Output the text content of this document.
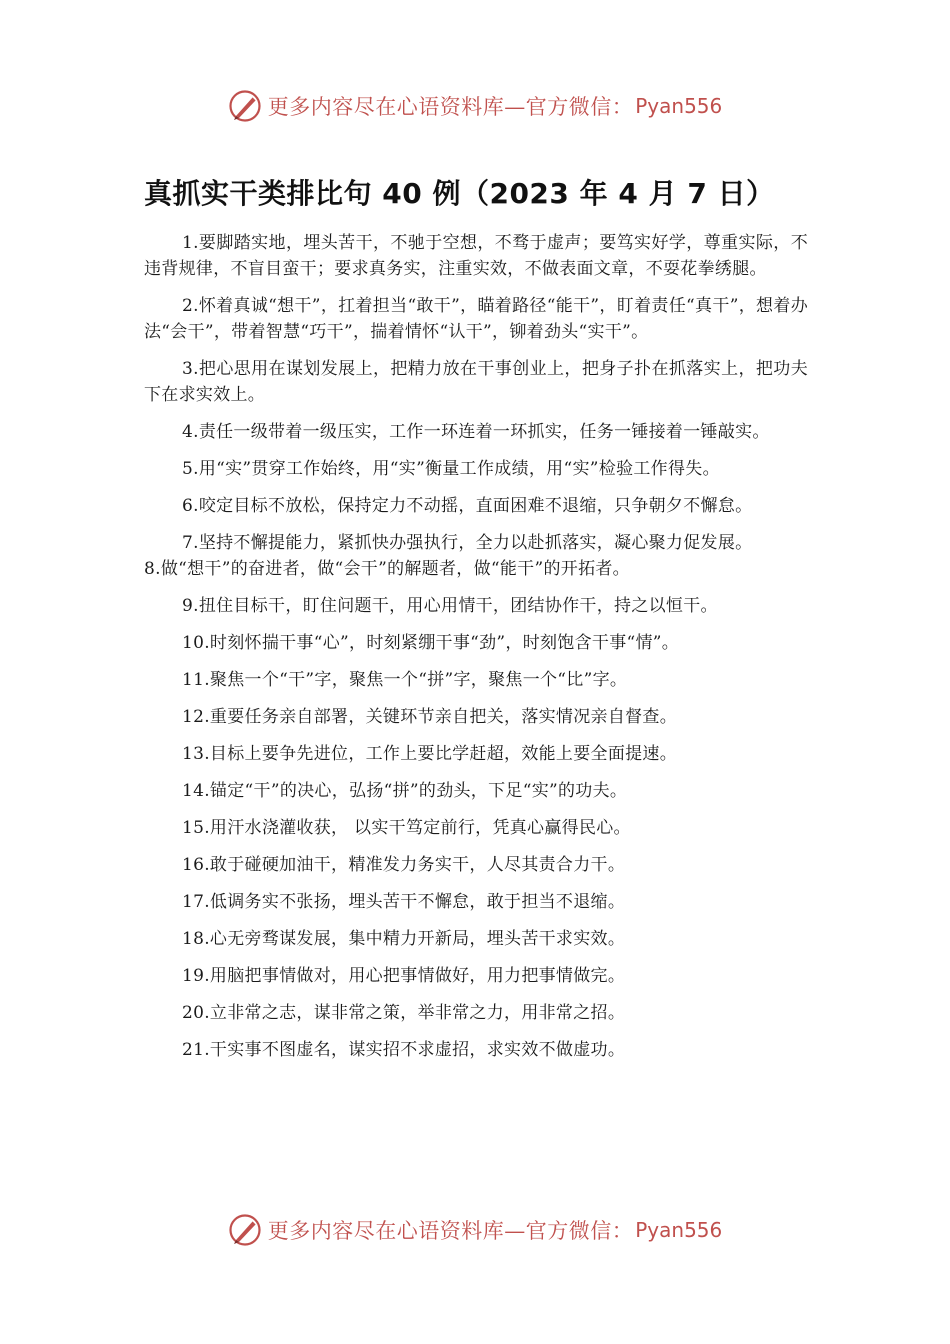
更多内容尽在心语资料库—官方微信： Pyan556
真抓实干类排比句 40 例（2023 年 4 月 7 日）

1.要脚踏实地，埋头苦干，不驰于空想，不骛于虚声；要笃实好学，尊重实际，不违背规律，不盲目蛮干；要求真务实，注重实效，不做表面文章，不耍花拳绣腿。

2.怀着真诚“想干”，扛着担当“敢干”，瞄着路径“能干”，盯着责任“真干”，想着办法“会干”，带着智慧“巧干”，揣着情怀“认干”，铆着劲头“实干”。

3.把心思用在谋划发展上，把精力放在干事创业上，把身子扑在抓落实上，把功夫下在求实效上。

4.责任一级带着一级压实，工作一环连着一环抓实，任务一锤接着一锤敲实。

5.用“实”贯穿工作始终，用“实”衡量工作成绩，用“实”检验工作得失。

6.咬定目标不放松，保持定力不动摇，直面困难不退缩，只争朝夕不懈怠。

7.坚持不懈提能力，紧抓快办强执行，全力以赴抓落实，凝心聚力促发展。

8.做“想干”的奋进者，做“会干”的解题者，做“能干”的开拓者。

9.扭住目标干，盯住问题干，用心用情干，团结协作干，持之以恒干。

10.时刻怀揣干事“心”，时刻紧绷干事“劲”，时刻饱含干事“情”。

11.聚焦一个“干”字，聚焦一个“拼”字，聚焦一个“比”字。

12.重要任务亲自部署，关键环节亲自把关，落实情况亲自督查。

13.目标上要争先进位，工作上要比学赶超，效能上要全面提速。

14.锚定“干”的决心，弘扬“拼”的劲头，下足“实”的功夫。

15.用汗水浇灌收获， 以实干笃定前行，凭真心赢得民心。

16.敢于碰硬加油干，精准发力务实干，人尽其责合力干。

17.低调务实不张扬，埋头苦干不懈怠，敢于担当不退缩。

18.心无旁骛谋发展，集中精力开新局，埋头苦干求实效。

19.用脑把事情做对，用心把事情做好，用力把事情做完。

20.立非常之志，谋非常之策，举非常之力，用非常之招。

21.干实事不图虚名，谋实招不求虚招，求实效不做虚功。

更多内容尽在心语资料库—官方微信： Pyan556
